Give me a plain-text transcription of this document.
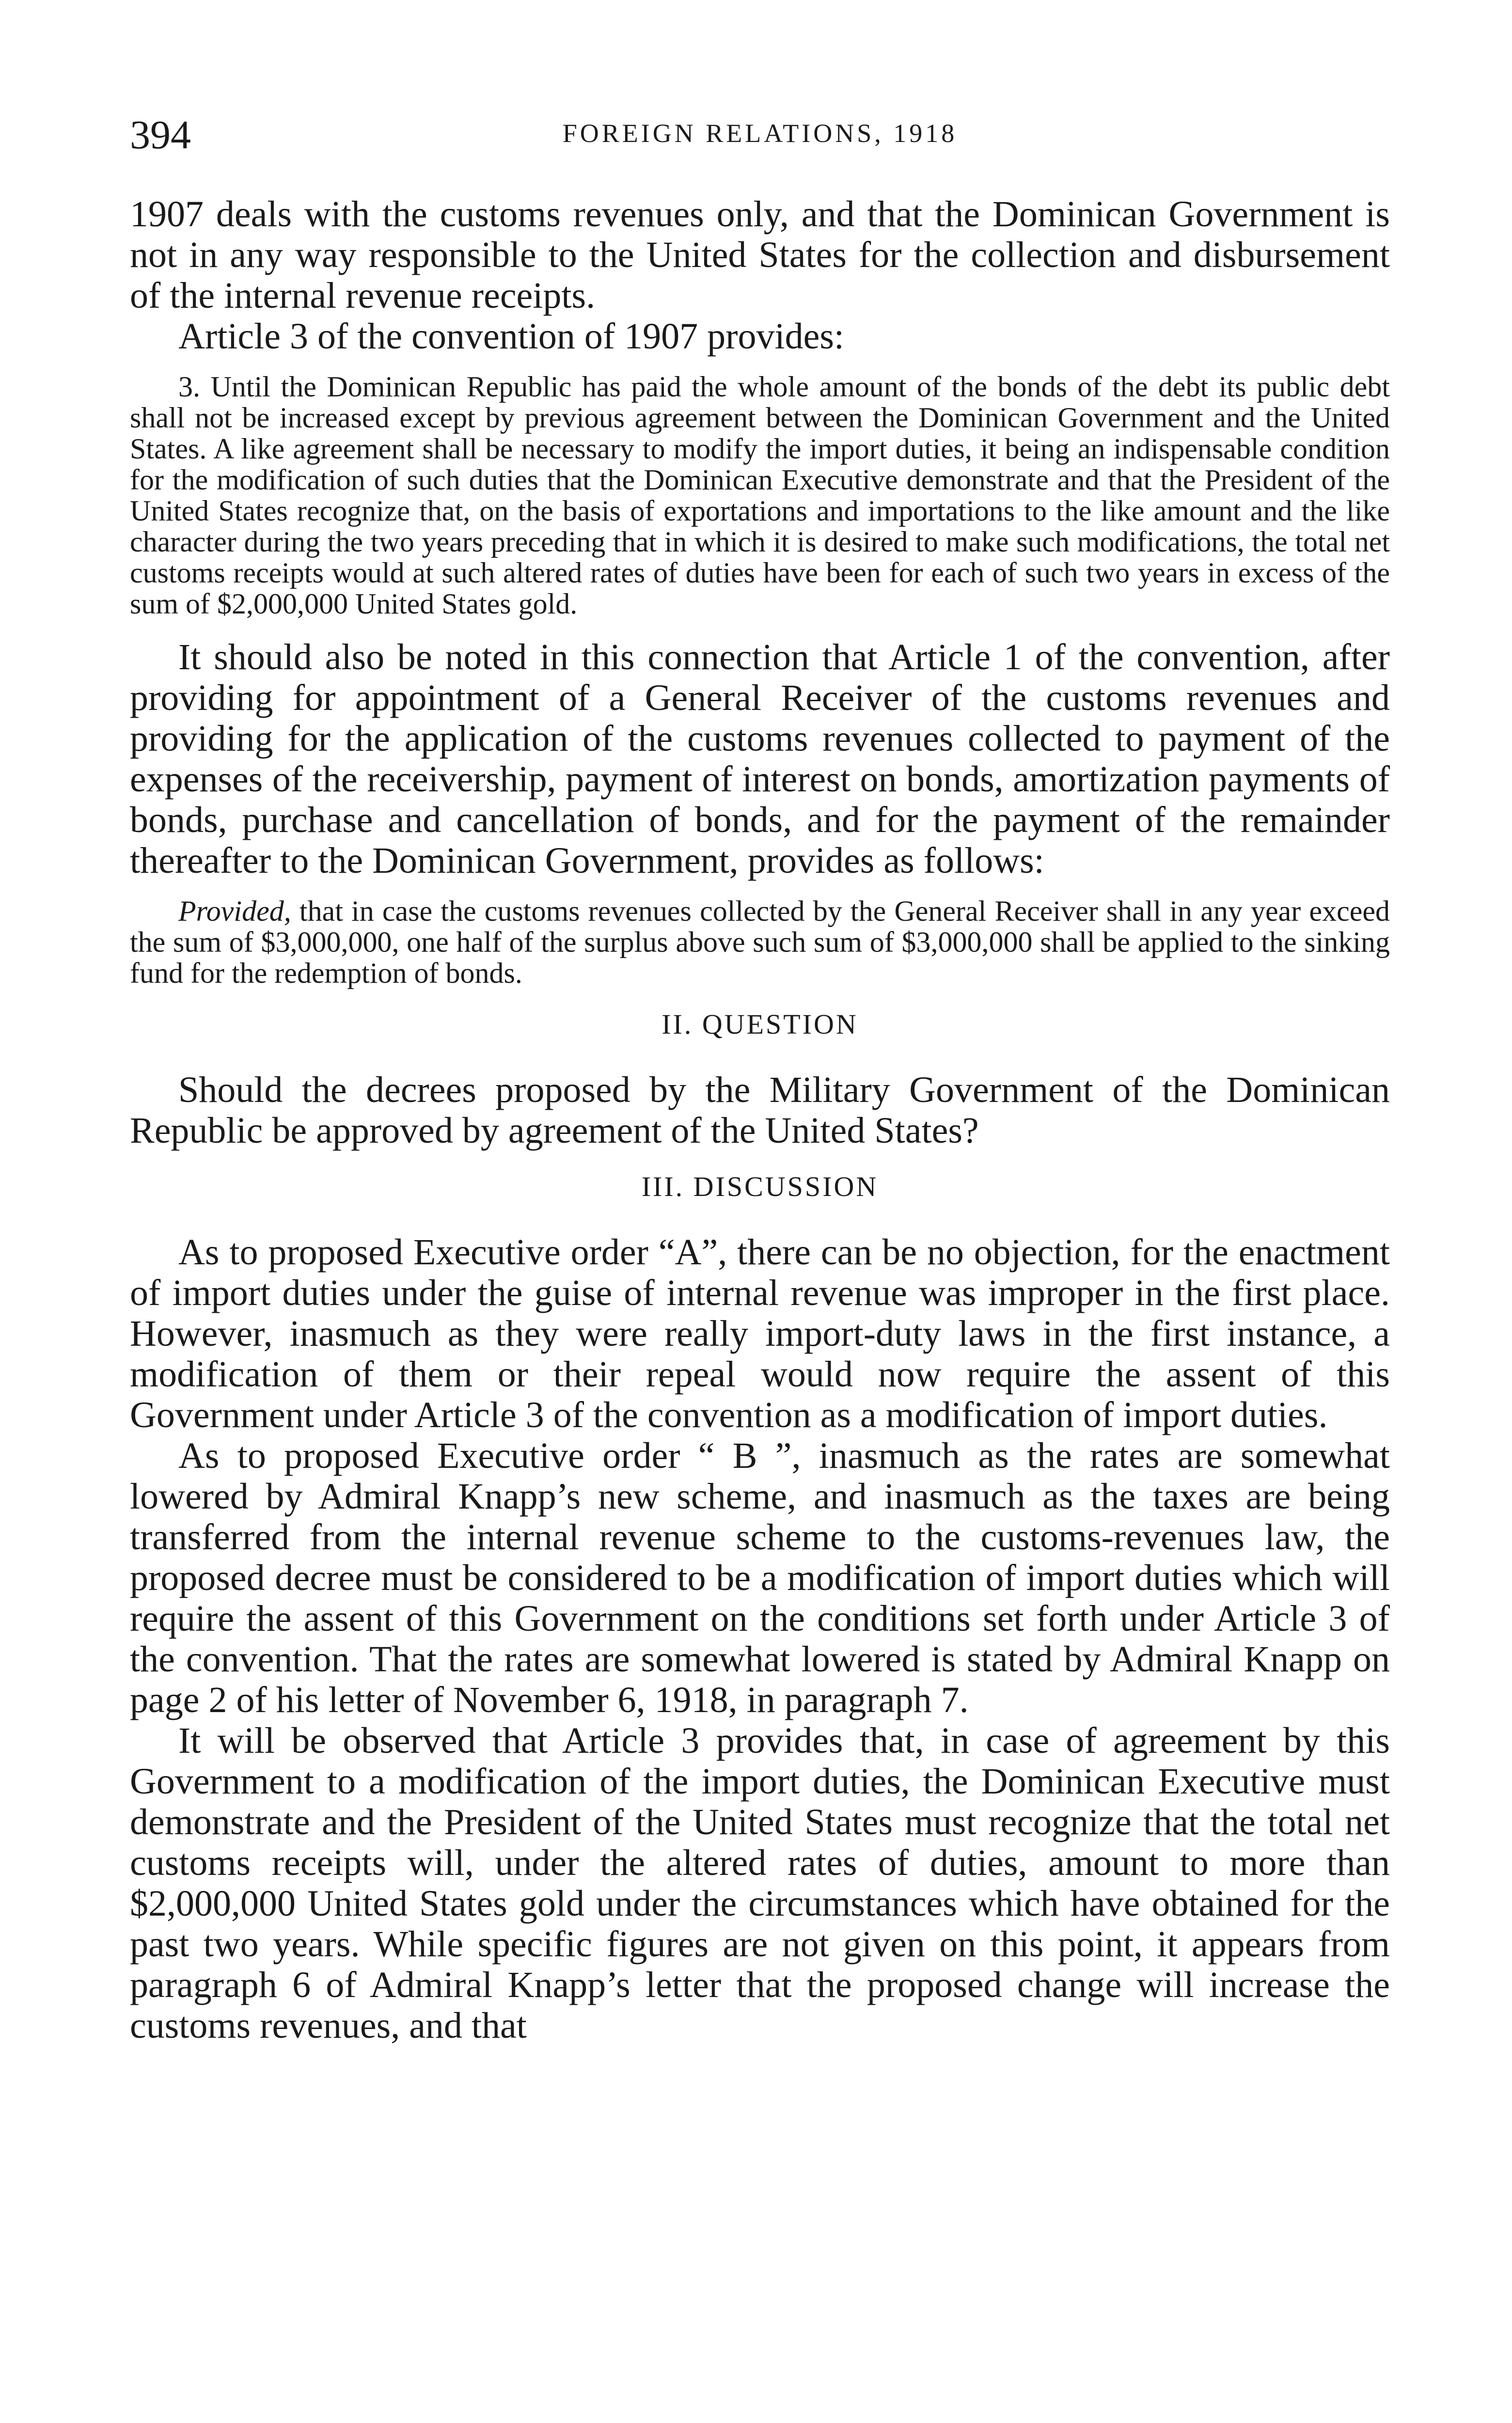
394	FOREIGN RELATIONS, 1918

1907 deals with the customs revenues only, and that the Dominican Government is not in any way responsible to the United States for the collection and disbursement of the internal revenue receipts.

Article 3 of the convention of 1907 provides:

3. Until the Dominican Republic has paid the whole amount of the bonds of the debt its public debt shall not be increased except by previous agreement between the Dominican Government and the United States. A like agreement shall be necessary to modify the import duties, it being an indispensable condition for the modification of such duties that the Dominican Executive demonstrate and that the President of the United States recognize that, on the basis of exportations and importations to the like amount and the like character during the two years preceding that in which it is desired to make such modifications, the total net customs receipts would at such altered rates of duties have been for each of such two years in excess of the sum of $2,000,000 United States gold.

It should also be noted in this connection that Article 1 of the convention, after providing for appointment of a General Receiver of the customs revenues and providing for the application of the customs revenues collected to payment of the expenses of the receivership, payment of interest on bonds, amortization payments of bonds, purchase and cancellation of bonds, and for the payment of the remainder thereafter to the Dominican Government, provides as follows:

Provided, that in case the customs revenues collected by the General Receiver shall in any year exceed the sum of $3,000,000, one half of the surplus above such sum of $3,000,000 shall be applied to the sinking fund for the redemption of bonds.

II. QUESTION

Should the decrees proposed by the Military Government of the Dominican Republic be approved by agreement of the United States?

III. DISCUSSION

As to proposed Executive order “A”, there can be no objection, for the enactment of import duties under the guise of internal revenue was improper in the first place. However, inasmuch as they were really import-duty laws in the first instance, a modification of them or their repeal would now require the assent of this Government under Article 3 of the convention as a modification of import duties.

As to proposed Executive order “ B ”, inasmuch as the rates are somewhat lowered by Admiral Knapp’s new scheme, and inasmuch as the taxes are being transferred from the internal revenue scheme to the customs-revenues law, the proposed decree must be considered to be a modification of import duties which will require the assent of this Government on the conditions set forth under Article 3 of the convention. That the rates are somewhat lowered is stated by Admiral Knapp on page 2 of his letter of November 6, 1918, in paragraph 7.

It will be observed that Article 3 provides that, in case of agreement by this Government to a modification of the import duties, the Dominican Executive must demonstrate and the President of the United States must recognize that the total net customs receipts will, under the altered rates of duties, amount to more than $2,000,000 United States gold under the circumstances which have obtained for the past two years. While specific figures are not given on this point, it appears from paragraph 6 of Admiral Knapp’s letter that the proposed change will increase the customs revenues, and that
